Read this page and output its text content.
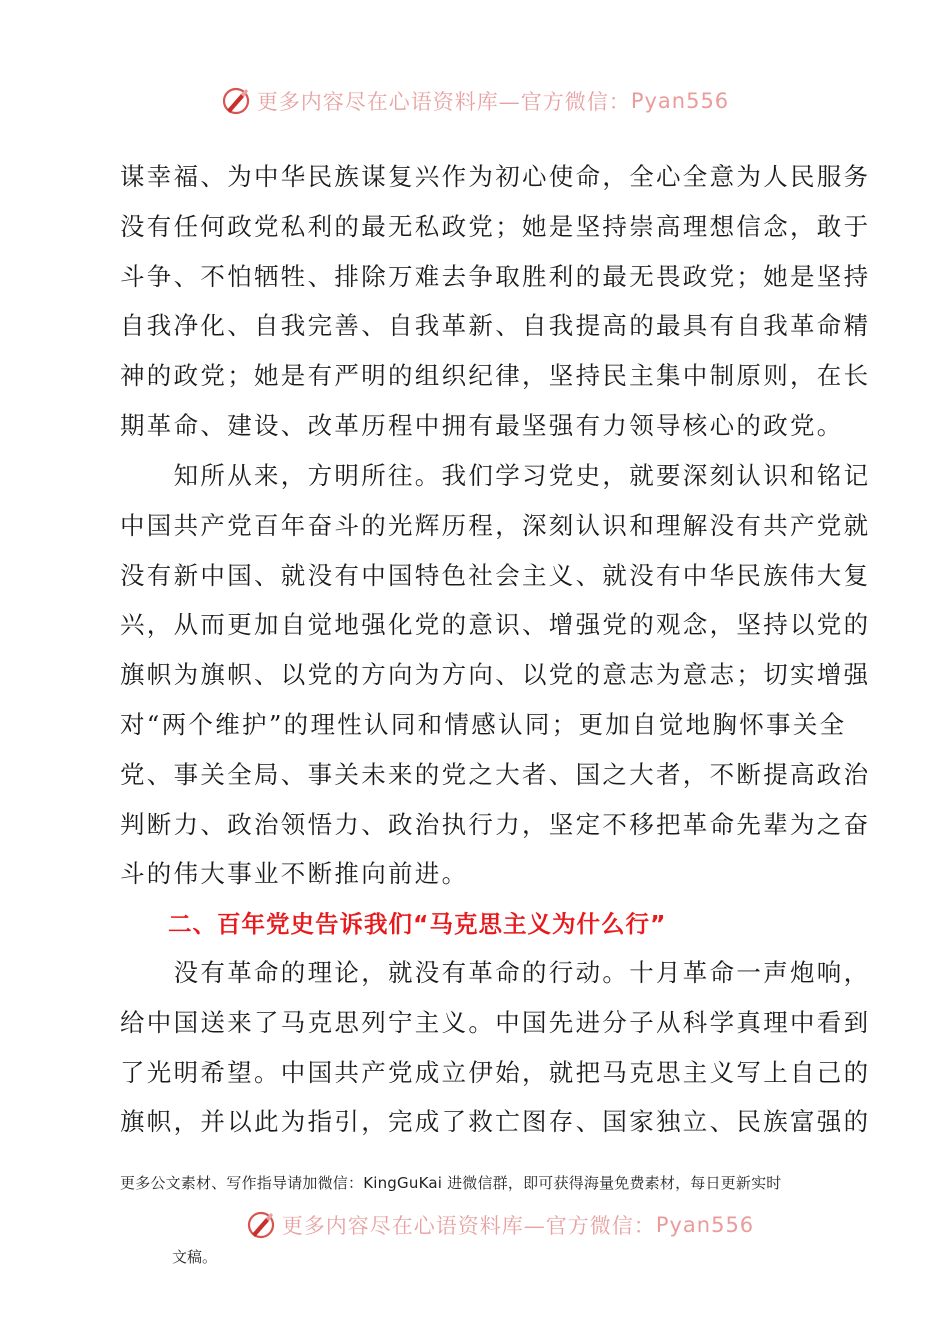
更多内容尽在心语资料库—官方微信： Pyan556
谋幸福、为中华民族谋复兴作为初心使命，全心全意为人民服务
没有任何政党私利的最无私政党；她是坚持崇高理想信念，敢于
斗争、不怕牺牲、排除万难去争取胜利的最无畏政党；她是坚持
自我净化、自我完善、自我革新、自我提高的最具有自我革命精
神的政党；她是有严明的组织纪律，坚持民主集中制原则，在长
期革命、建设、改革历程中拥有最坚强有力领导核心的政党。
　　知所从来，方明所往。我们学习党史，就要深刻认识和铭记
中国共产党百年奋斗的光辉历程，深刻认识和理解没有共产党就
没有新中国、就没有中国特色社会主义、就没有中华民族伟大复
兴，从而更加自觉地强化党的意识、增强党的观念，坚持以党的
旗帜为旗帜、以党的方向为方向、以党的意志为意志；切实增强
对“两个维护”的理性认同和情感认同；更加自觉地胸怀事关全
党、事关全局、事关未来的党之大者、国之大者，不断提高政治
判断力、政治领悟力、政治执行力，坚定不移把革命先辈为之奋
斗的伟大事业不断推向前进。
二、百年党史告诉我们“马克思主义为什么行”
　　没有革命的理论，就没有革命的行动。十月革命一声炮响，
给中国送来了马克思列宁主义。中国先进分子从科学真理中看到
了光明希望。中国共产党成立伊始，就把马克思主义写上自己的
旗帜，并以此为指引，完成了救亡图存、国家独立、民族富强的
更多公文素材、写作指导请加微信：KingGuKai 进微信群，即可获得海量免费素材，每日更新实时
更多内容尽在心语资料库—官方微信： Pyan556
文稿。
